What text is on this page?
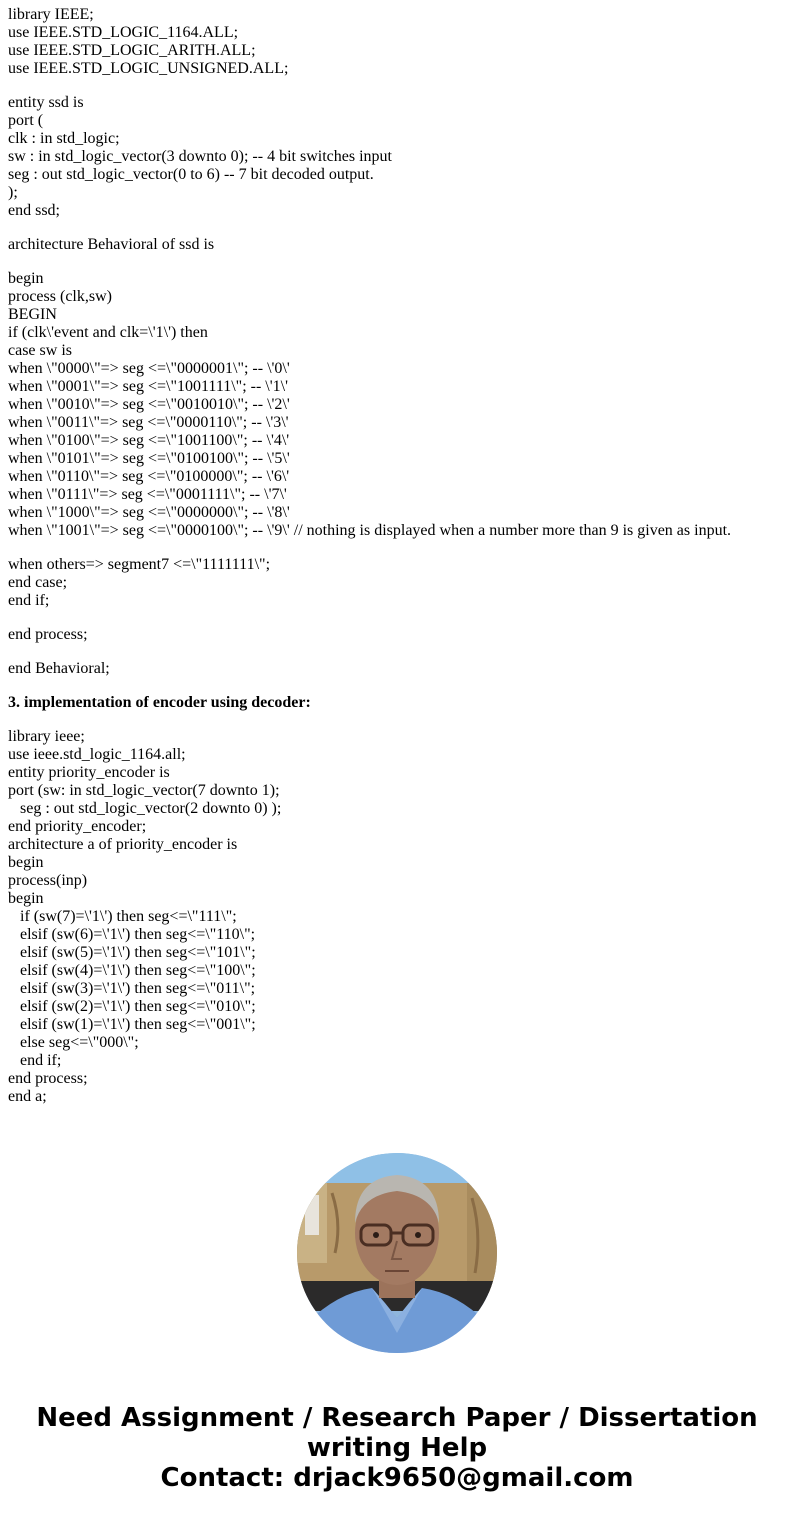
library IEEE;
use IEEE.STD_LOGIC_1164.ALL;
use IEEE.STD_LOGIC_ARITH.ALL;
use IEEE.STD_LOGIC_UNSIGNED.ALL;
entity ssd is
port (
clk : in std_logic;
sw : in std_logic_vector(3 downto 0); -- 4 bit switches input
seg : out std_logic_vector(0 to 6) -- 7 bit decoded output.
);
end ssd;
architecture Behavioral of ssd is
begin
process (clk,sw)
BEGIN
if (clk\'event and clk=\'1\') then
case sw is
when \"0000\"=> seg <=\"0000001\"; -- \'0\'
when \"0001\"=> seg <=\"1001111\"; -- \'1\'
when \"0010\"=> seg <=\"0010010\"; -- \'2\'
when \"0011\"=> seg <=\"0000110\"; -- \'3\'
when \"0100\"=> seg <=\"1001100\"; -- \'4\'
when \"0101\"=> seg <=\"0100100\"; -- \'5\'
when \"0110\"=> seg <=\"0100000\"; -- \'6\'
when \"0111\"=> seg <=\"0001111\"; -- \'7\'
when \"1000\"=> seg <=\"0000000\"; -- \'8\'
when \"1001\"=> seg <=\"0000100\"; -- \'9\' // nothing is displayed when a number more than 9 is given as input.
when others=> segment7 <=\"1111111\";
end case;
end if;
end process;
end Behavioral;
3. implementation of encoder using decoder:
library ieee;
use ieee.std_logic_1164.all;
entity priority_encoder is
port (sw: in std_logic_vector(7 downto 1);
seg : out std_logic_vector(2 downto 0) );
end priority_encoder;
architecture a of priority_encoder is
begin
process(inp)
begin
if (sw(7)=\'1\') then seg<=\"111\";
elsif (sw(6)=\'1\') then seg<=\"110\";
elsif (sw(5)=\'1\') then seg<=\"101\";
elsif (sw(4)=\'1\') then seg<=\"100\";
elsif (sw(3)=\'1\') then seg<=\"011\";
elsif (sw(2)=\'1\') then seg<=\"010\";
elsif (sw(1)=\'1\') then seg<=\"001\";
else seg<=\"000\";
end if;
end process;
end a;
Need Assignment / Research Paper / Dissertation
writing Help
Contact: drjack9650@gmail.com
